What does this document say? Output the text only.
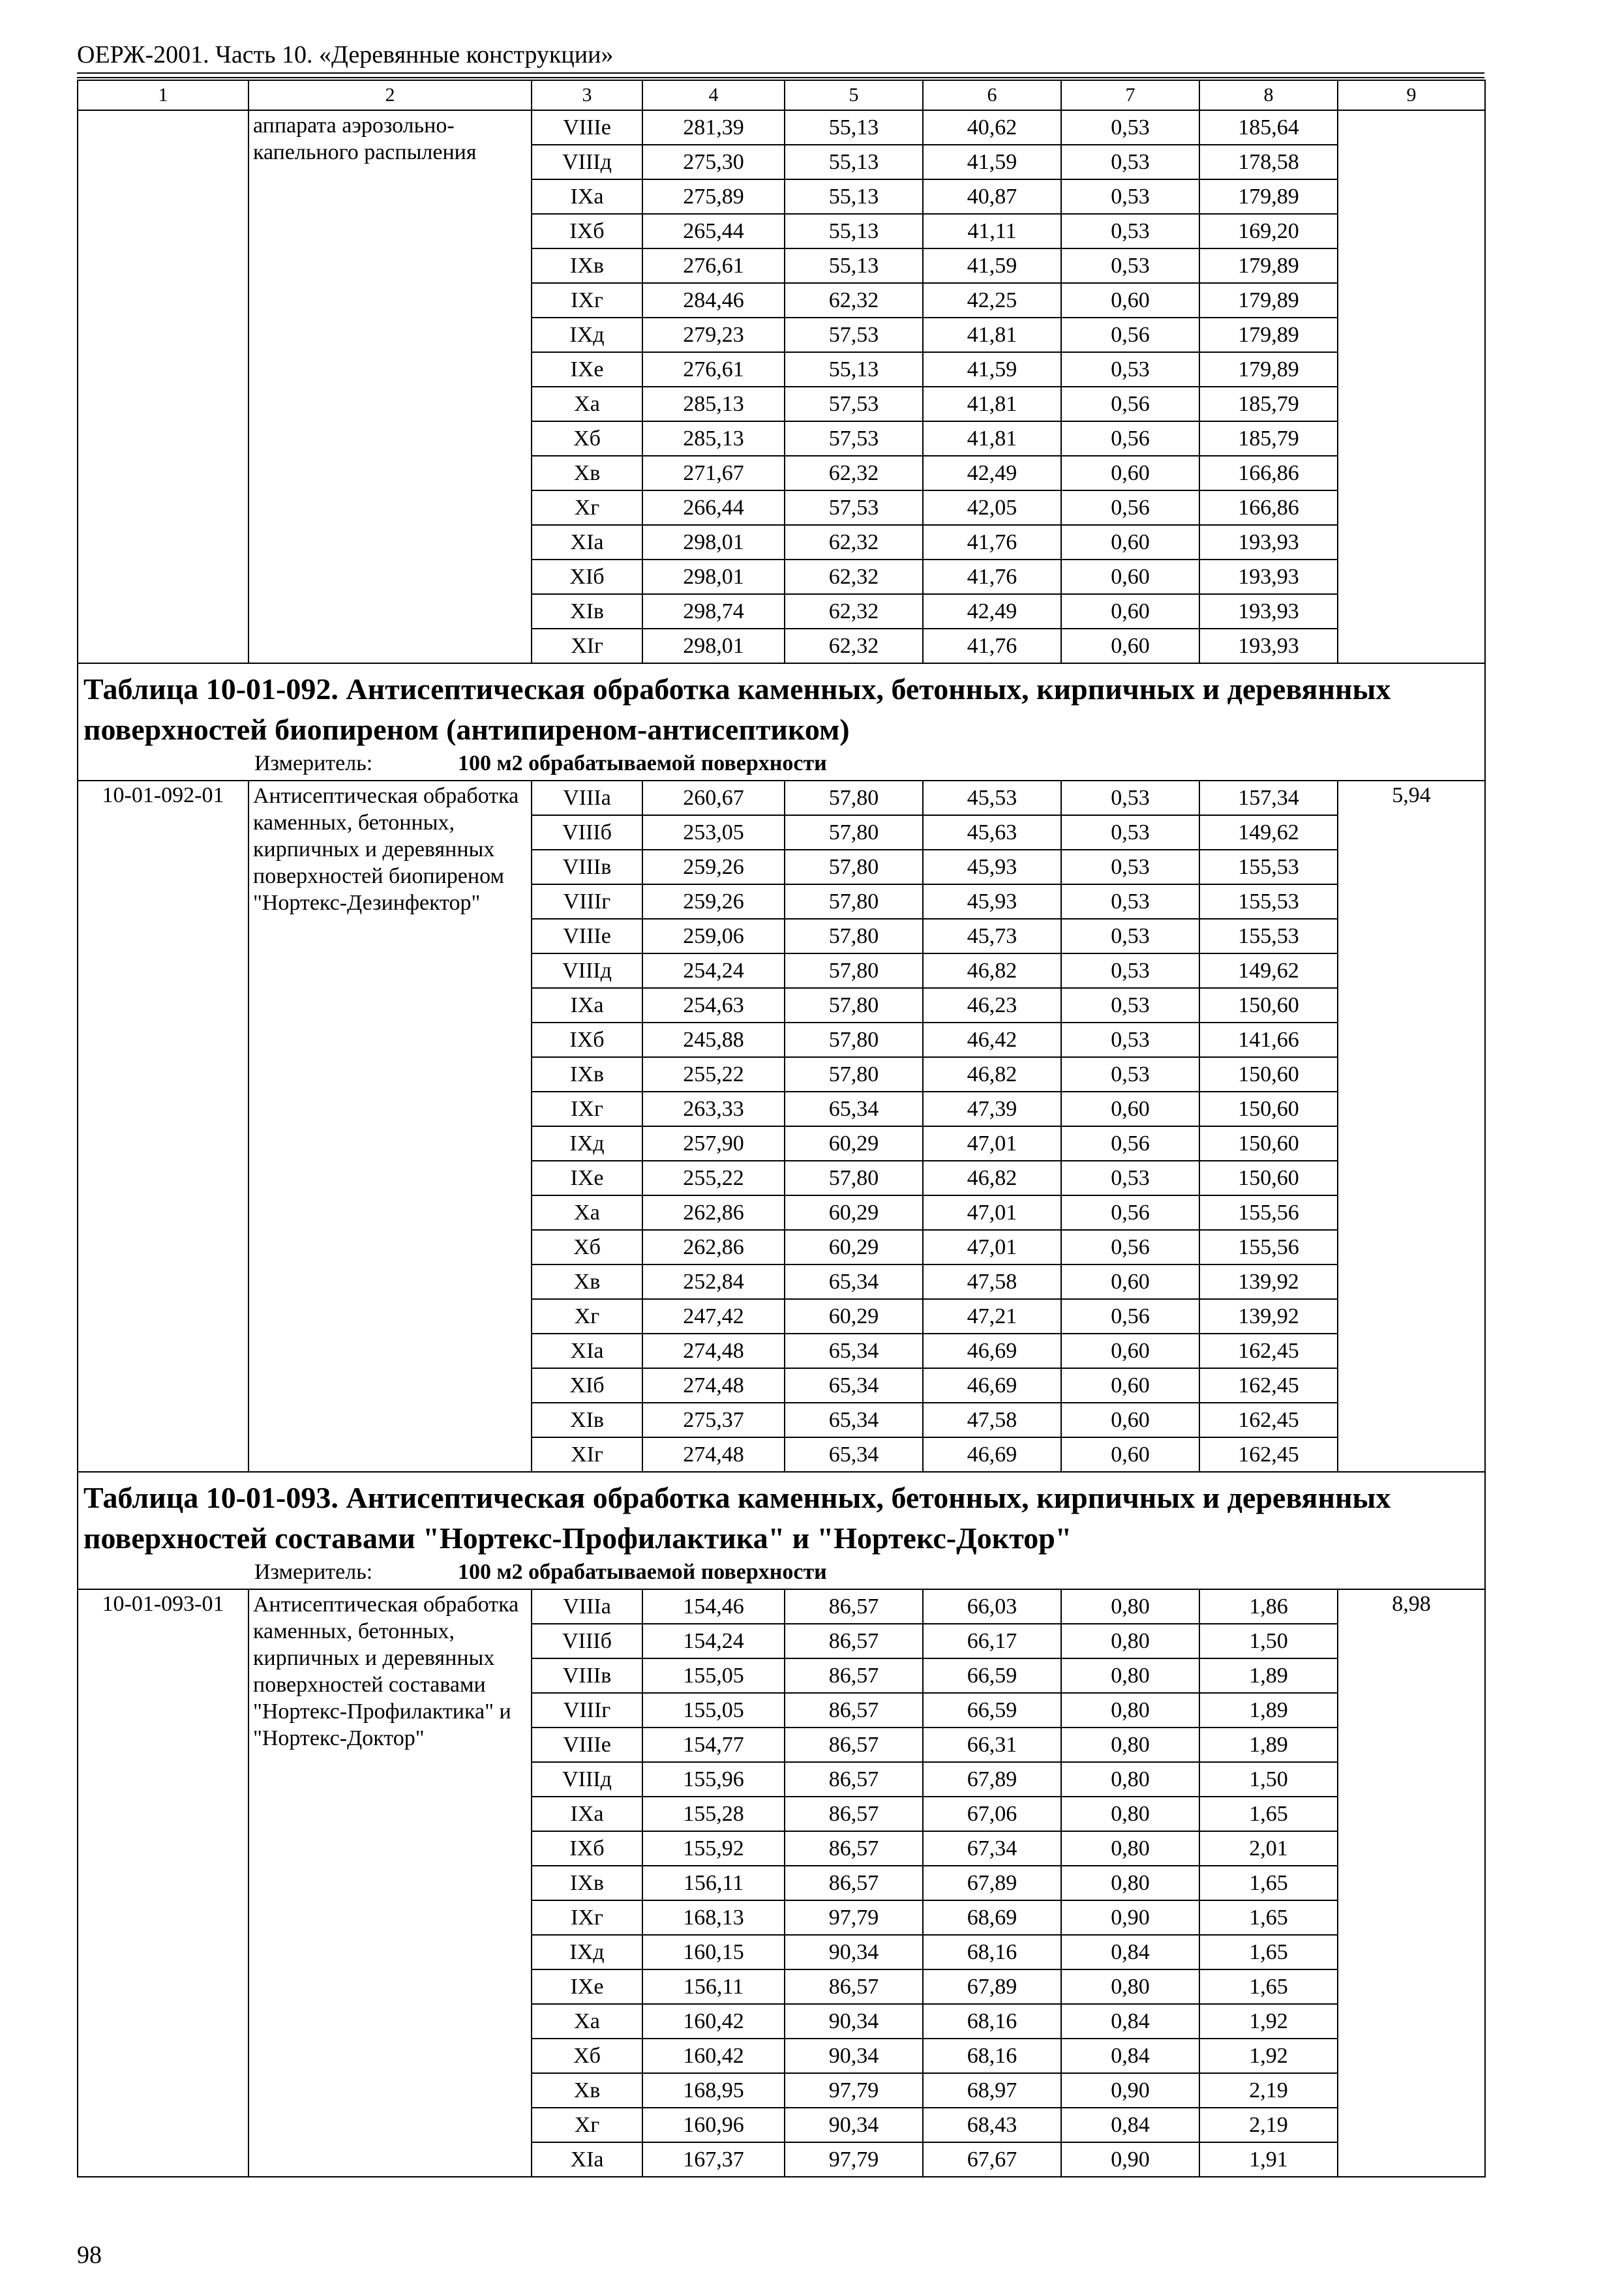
ОЕРЖ-2001. Часть 10. «Деревянные конструкции»
1	2	3	4	5	6	7	8	9
	аппарата аэрозольно-капельного распыления	VIIIе	281,39	55,13	40,62	0,53	185,64	
		VIIIд	275,30	55,13	41,59	0,53	178,58	
		IXа	275,89	55,13	40,87	0,53	179,89	
		IXб	265,44	55,13	41,11	0,53	169,20	
		IXв	276,61	55,13	41,59	0,53	179,89	
		IXг	284,46	62,32	42,25	0,60	179,89	
		IXд	279,23	57,53	41,81	0,56	179,89	
		IXе	276,61	55,13	41,59	0,53	179,89	
		Xа	285,13	57,53	41,81	0,56	185,79	
		Xб	285,13	57,53	41,81	0,56	185,79	
		Xв	271,67	62,32	42,49	0,60	166,86	
		Xг	266,44	57,53	42,05	0,56	166,86	
		XIа	298,01	62,32	41,76	0,60	193,93	
		XIб	298,01	62,32	41,76	0,60	193,93	
		XIв	298,74	62,32	42,49	0,60	193,93	
		XIг	298,01	62,32	41,76	0,60	193,93	

Таблица 10-01-092. Антисептическая обработка каменных, бетонных, кирпичных и деревянных поверхностей биопиреном (антипиреном-антисептиком)
Измеритель: 100 м2 обрабатываемой поверхности								

10-01-092-01	Антисептическая обработка каменных, бетонных, кирпичных и деревянных поверхностей биопиреном "Нортекс-Дезинфектор"	VIIIа	260,67	57,80	45,53	0,53	157,34	5,94
		VIIIб	253,05	57,80	45,63	0,53	149,62	
		VIIIв	259,26	57,80	45,93	0,53	155,53	
		VIIIг	259,26	57,80	45,93	0,53	155,53	
		VIIIе	259,06	57,80	45,73	0,53	155,53	
		VIIIд	254,24	57,80	46,82	0,53	149,62	
		IXа	254,63	57,80	46,23	0,53	150,60	
		IXб	245,88	57,80	46,42	0,53	141,66	
		IXв	255,22	57,80	46,82	0,53	150,60	
		IXг	263,33	65,34	47,39	0,60	150,60	
		IXд	257,90	60,29	47,01	0,56	150,60	
		IXе	255,22	57,80	46,82	0,53	150,60	
		Xа	262,86	60,29	47,01	0,56	155,56	
		Xб	262,86	60,29	47,01	0,56	155,56	
		Xв	252,84	65,34	47,58	0,60	139,92	
		Xг	247,42	60,29	47,21	0,56	139,92	
		XIа	274,48	65,34	46,69	0,60	162,45	
		XIб	274,48	65,34	46,69	0,60	162,45	
		XIв	275,37	65,34	47,58	0,60	162,45	
		XIг	274,48	65,34	46,69	0,60	162,45	

Таблица 10-01-093. Антисептическая обработка каменных, бетонных, кирпичных и деревянных поверхностей составами "Нортекс-Профилактика" и "Нортекс-Доктор"
Измеритель: 100 м2 обрабатываемой поверхности								

10-01-093-01	Антисептическая обработка каменных, бетонных, кирпичных и деревянных поверхностей составами "Нортекс-Профилактика" и "Нортекс-Доктор"	VIIIа	154,46	86,57	66,03	0,80	1,86	8,98
		VIIIб	154,24	86,57	66,17	0,80	1,50	
		VIIIв	155,05	86,57	66,59	0,80	1,89	
		VIIIг	155,05	86,57	66,59	0,80	1,89	
		VIIIе	154,77	86,57	66,31	0,80	1,89	
		VIIIд	155,96	86,57	67,89	0,80	1,50	
		IXа	155,28	86,57	67,06	0,80	1,65	
		IXб	155,92	86,57	67,34	0,80	2,01	
		IXв	156,11	86,57	67,89	0,80	1,65	
		IXг	168,13	97,79	68,69	0,90	1,65	
		IXд	160,15	90,34	68,16	0,84	1,65	
		IXе	156,11	86,57	67,89	0,80	1,65	
		Xа	160,42	90,34	68,16	0,84	1,92	
		Xб	160,42	90,34	68,16	0,84	1,92	
		Xв	168,95	97,79	68,97	0,90	2,19	
		Xг	160,96	90,34	68,43	0,84	2,19	
		XIа	167,37	97,79	67,67	0,90	1,91	
98
